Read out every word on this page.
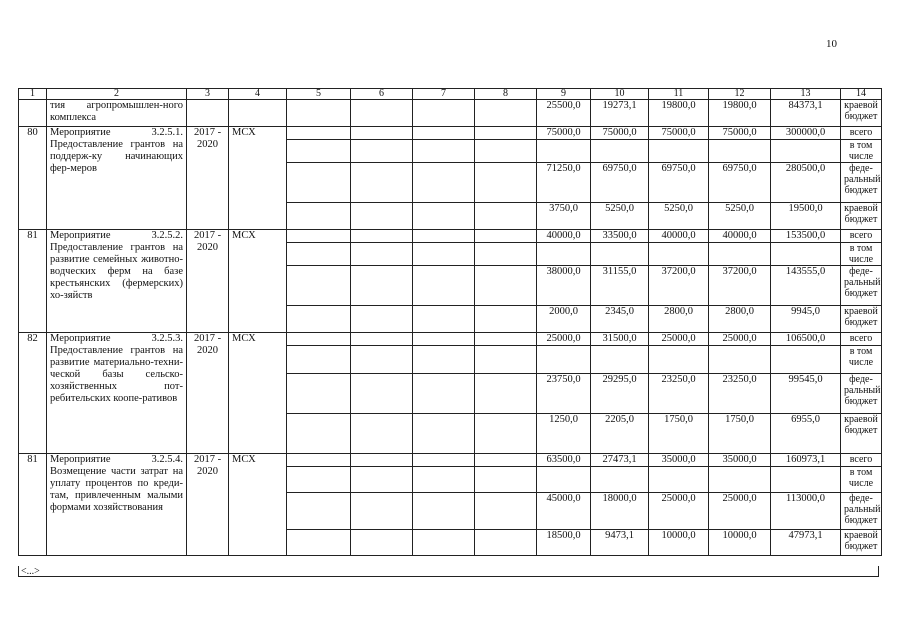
10
1	2	3	4	5	6	7	8	9	10	11	12	13	14
	тия агропромышлен-ного комплекса							25500,0	19273,1	19800,0	19800,0	84373,1	краевой бюджет
80	Мероприятие 3.2.5.1. Предоставление грантов на поддерж-ку начинающих фер-меров	2017 - 2020	МСХ					75000,0	75000,0	75000,0	75000,0	300000,0	всего
													в том числе
								71250,0	69750,0	69750,0	69750,0	280500,0	феде-ральный бюджет
								3750,0	5250,0	5250,0	5250,0	19500,0	краевой бюджет
81	Мероприятие 3.2.5.2. Предоставление грантов на развитие семейных животно-водческих ферм на базе крестьянских (фермерских) хо-зяйств	2017 - 2020	МСХ					40000,0	33500,0	40000,0	40000,0	153500,0	всего
													в том числе
								38000,0	31155,0	37200,0	37200,0	143555,0	феде-ральный бюджет
								2000,0	2345,0	2800,0	2800,0	9945,0	краевой бюджет
82	Мероприятие 3.2.5.3. Предоставление грантов на развитие материально-техни-ческой базы сельско-хозяйственных пот-ребительских коопе-ративов	2017 - 2020	МСХ					25000,0	31500,0	25000,0	25000,0	106500,0	всего
													в том числе
								23750,0	29295,0	23250,0	23250,0	99545,0	феде-ральный бюджет
								1250,0	2205,0	1750,0	1750,0	6955,0	краевой бюджет
81	Мероприятие 3.2.5.4. Возмещение части затрат на уплату процентов по креди-там, привлеченным малыми формами хозяйствования	2017 - 2020	МСХ					63500,0	27473,1	35000,0	35000,0	160973,1	всего
													в том числе
								45000,0	18000,0	25000,0	25000,0	113000,0	феде-ральный бюджет
								18500,0	9473,1	10000,0	10000,0	47973,1	краевой бюджет
<...>
